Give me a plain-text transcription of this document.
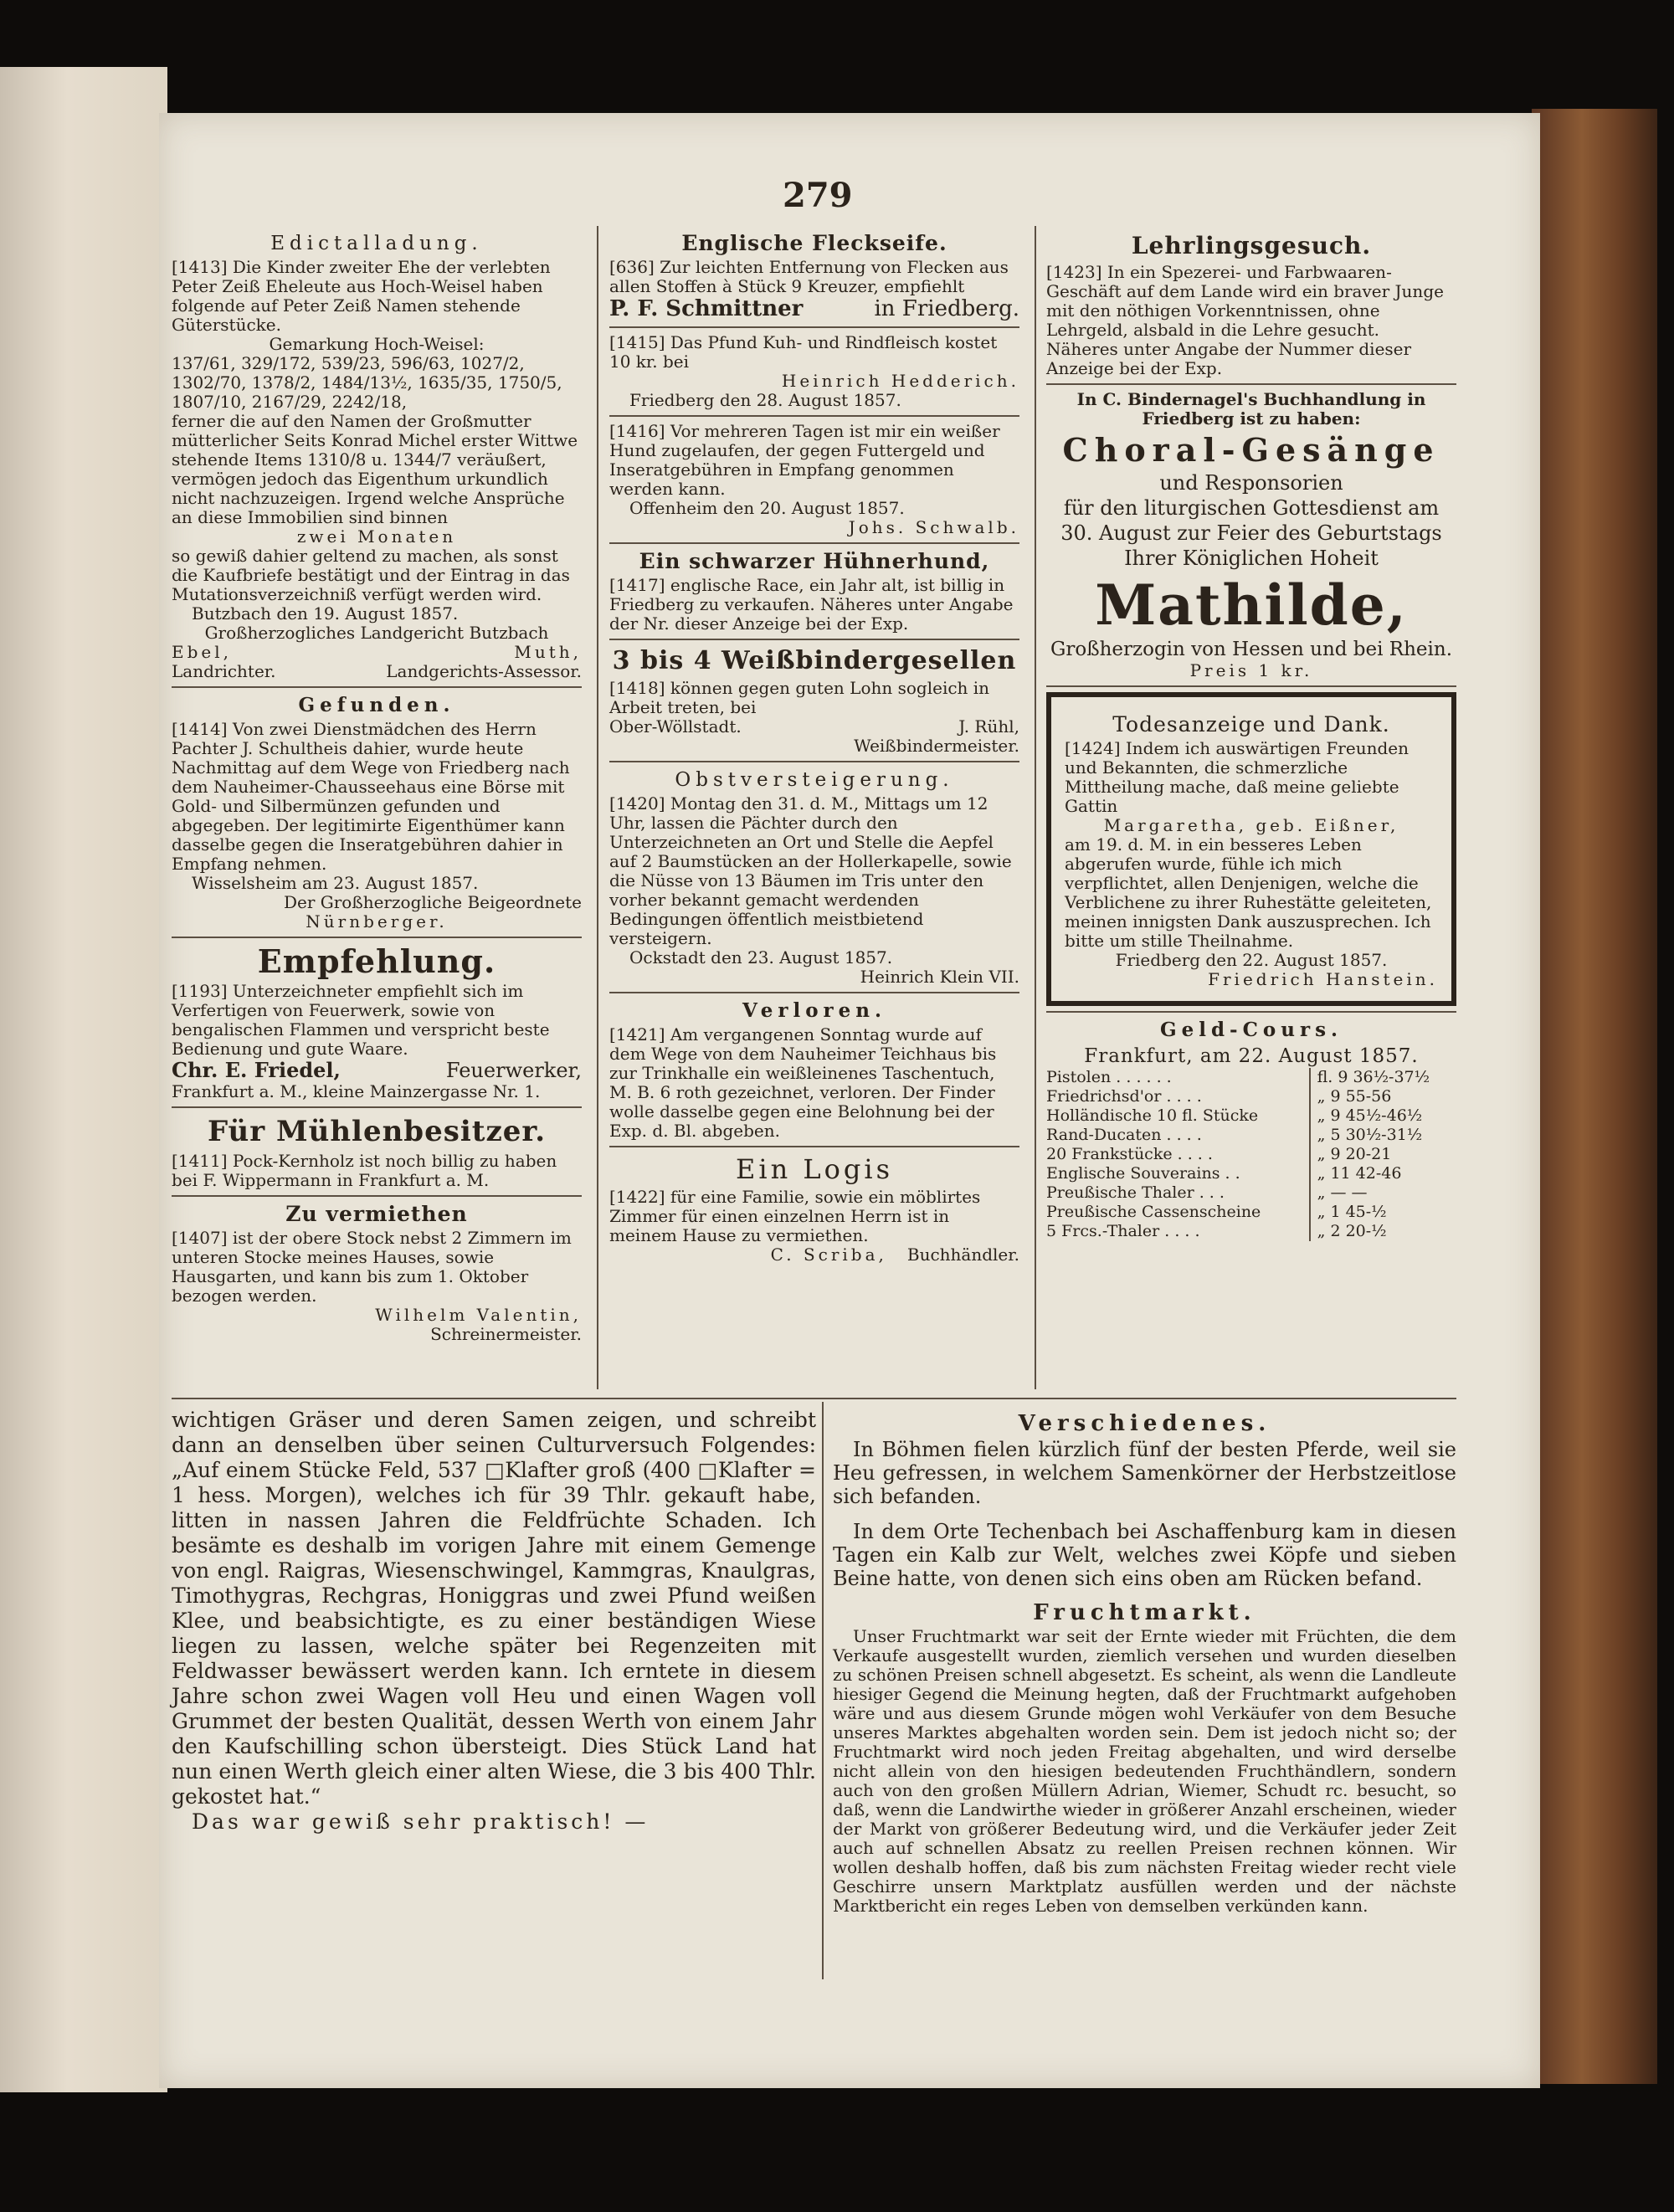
279
Edictalladung.

[1413] Die Kinder zweiter Ehe der verlebten Peter Zeiß Eheleute aus Hoch-Weisel haben folgende auf Peter Zeiß Namen stehende Güterstücke.

Gemarkung Hoch-Weisel:

137/61, 329/172, 539/23, 596/63, 1027/2, 1302/70, 1378/2, 1484/13½, 1635/35, 1750/5, 1807/10, 2167/29, 2242/18,

ferner die auf den Namen der Großmutter mütterlicher Seits Konrad Michel erster Wittwe stehende Items 1310/8 u. 1344/7 veräußert, vermögen jedoch das Eigenthum urkundlich nicht nachzuzeigen. Irgend welche Ansprüche an diese Immobilien sind binnen

zwei Monaten

so gewiß dahier geltend zu machen, als sonst die Kaufbriefe bestätigt und der Eintrag in das Mutationsverzeichniß verfügt werden wird.

Butzbach den 19. August 1857.

Großherzogliches Landgericht Butzbach

Ebel,	Muth,
Landrichter.	Landgerichts-Assessor.
Gefunden.

[1414] Von zwei Dienstmädchen des Herrn Pachter J. Schultheis dahier, wurde heute Nachmittag auf dem Wege von Friedberg nach dem Nauheimer-Chausseehaus eine Börse mit Gold- und Silbermünzen gefunden und abgegeben. Der legitimirte Eigenthümer kann dasselbe gegen die Inseratgebühren dahier in Empfang nehmen.

Wisselsheim am 23. August 1857.

Der Großherzogliche Beigeordnete

Nürnberger.

Empfehlung.

[1193] Unterzeichneter empfiehlt sich im Verfertigen von Feuerwerk, sowie von bengalischen Flammen und verspricht beste Bedienung und gute Waare.

Chr. E. Friedel,	Feuerwerker,

Frankfurt a. M., kleine Mainzergasse Nr. 1.

Für Mühlenbesitzer.

[1411] Pock-Kernholz ist noch billig zu haben bei F. Wippermann in Frankfurt a. M.

Zu vermiethen

[1407] ist der obere Stock nebst 2 Zimmern im unteren Stocke meines Hauses, sowie Hausgarten, und kann bis zum 1. Oktober bezogen werden.

Wilhelm Valentin,

Schreinermeister.

Englische Fleckseife.

[636] Zur leichten Entfernung von Flecken aus allen Stoffen à Stück 9 Kreuzer, empfiehlt

P. F. Schmittner	in Friedberg.

[1415] Das Pfund Kuh- und Rindfleisch kostet 10 kr. bei

Heinrich Hedderich.

Friedberg den 28. August 1857.

[1416] Vor mehreren Tagen ist mir ein weißer Hund zugelaufen, der gegen Futtergeld und Inseratgebühren in Empfang genommen werden kann.

Offenheim den 20. August 1857.

Johs. Schwalb.

Ein schwarzer Hühnerhund,

[1417] englische Race, ein Jahr alt, ist billig in Friedberg zu verkaufen. Näheres unter Angabe der Nr. dieser Anzeige bei der Exp.

3 bis 4 Weißbindergesellen

[1418] können gegen guten Lohn sogleich in Arbeit treten, bei

Ober-Wöllstadt.	J. Rühl,

Weißbindermeister.

Obstversteigerung.

[1420] Montag den 31. d. M., Mittags um 12 Uhr, lassen die Pächter durch den Unterzeichneten an Ort und Stelle die Aepfel auf 2 Baumstücken an der Hollerkapelle, sowie die Nüsse von 13 Bäumen im Tris unter den vorher bekannt gemacht werdenden Bedingungen öffentlich meistbietend versteigern.

Ockstadt den 23. August 1857.

Heinrich Klein VII.

Verloren.

[1421] Am vergangenen Sonntag wurde auf dem Wege von dem Nauheimer Teichhaus bis zur Trinkhalle ein weißleinenes Taschentuch, M. B. 6 roth gezeichnet, verloren. Der Finder wolle dasselbe gegen eine Belohnung bei der Exp. d. Bl. abgeben.

Ein Logis

[1422] für eine Familie, sowie ein möblirtes Zimmer für einen einzelnen Herrn ist in meinem Hause zu vermiethen.

C. Scriba, Buchhändler.
Lehrlingsgesuch.

[1423] In ein Spezerei- und Farbwaaren-Geschäft auf dem Lande wird ein braver Junge mit den nöthigen Vorkenntnissen, ohne Lehrgeld, alsbald in die Lehre gesucht. Näheres unter Angabe der Nummer dieser Anzeige bei der Exp.

In C. Bindernagel's Buchhandlung in Friedberg ist zu haben:

Choral-Gesänge

und Responsorien

für den liturgischen Gottesdienst am

30. August zur Feier des Geburtstags

Ihrer Königlichen Hoheit

Mathilde,

Großherzogin von Hessen und bei Rhein.

Preis 1 kr.

Todesanzeige und Dank.

[1424] Indem ich auswärtigen Freunden und Bekannten, die schmerzliche Mittheilung mache, daß meine geliebte Gattin

Margaretha, geb. Eißner,

am 19. d. M. in ein besseres Leben abgerufen wurde, fühle ich mich verpflichtet, allen Denjenigen, welche die Verblichene zu ihrer Ruhestätte geleiteten, meinen innigsten Dank auszusprechen. Ich bitte um stille Theilnahme.

Friedberg den 22. August 1857.

Friedrich Hanstein.

Geld-Cours.

Frankfurt, am 22. August 1857.

Pistolen . . . . . .	fl. 9 36½-37½
Friedrichsd'or . . . .	„ 9 55-56
Holländische 10 fl. Stücke	„ 9 45½-46½
Rand-Ducaten . . . .	„ 5 30½-31½
20 Frankstücke . . . .	„ 9 20-21
Englische Souverains . .	„ 11 42-46
Preußische Thaler . . .	„ — —
Preußische Cassenscheine	„ 1 45-½
5 Frcs.-Thaler . . . .	„ 2 20-½

wichtigen Gräser und deren Samen zeigen, und schreibt dann an denselben über seinen Culturversuch Folgendes: „Auf einem Stücke Feld, 537 □Klafter groß (400 □Klafter = 1 hess. Morgen), welches ich für 39 Thlr. gekauft habe, litten in nassen Jahren die Feldfrüchte Schaden. Ich besämte es deshalb im vorigen Jahre mit einem Gemenge von engl. Raigras, Wiesenschwingel, Kammgras, Knaulgras, Timothygras, Rechgras, Honiggras und zwei Pfund weißen Klee, und beabsichtigte, es zu einer beständigen Wiese liegen zu lassen, welche später bei Regenzeiten mit Feldwasser bewässert werden kann. Ich erntete in diesem Jahre schon zwei Wagen voll Heu und einen Wagen voll Grummet der besten Qualität, dessen Werth von einem Jahr den Kaufschilling schon übersteigt. Dies Stück Land hat nun einen Werth gleich einer alten Wiese, die 3 bis 400 Thlr. gekostet hat.“

Das war gewiß sehr praktisch! —

Verschiedenes.

In Böhmen fielen kürzlich fünf der besten Pferde, weil sie Heu gefressen, in welchem Samenkörner der Herbstzeitlose sich befanden.

In dem Orte Techenbach bei Aschaffenburg kam in diesen Tagen ein Kalb zur Welt, welches zwei Köpfe und sieben Beine hatte, von denen sich eins oben am Rücken befand.

Fruchtmarkt.

Unser Fruchtmarkt war seit der Ernte wieder mit Früchten, die dem Verkaufe ausgestellt wurden, ziemlich versehen und wurden dieselben zu schönen Preisen schnell abgesetzt. Es scheint, als wenn die Landleute hiesiger Gegend die Meinung hegten, daß der Fruchtmarkt aufgehoben wäre und aus diesem Grunde mögen wohl Verkäufer von dem Besuche unseres Marktes abgehalten worden sein. Dem ist jedoch nicht so; der Fruchtmarkt wird noch jeden Freitag abgehalten, und wird derselbe nicht allein von den hiesigen bedeutenden Fruchthändlern, sondern auch von den großen Müllern Adrian, Wiemer, Schudt rc. besucht, so daß, wenn die Landwirthe wieder in größerer Anzahl erscheinen, wieder der Markt von größerer Bedeutung wird, und die Verkäufer jeder Zeit auch auf schnellen Absatz zu reellen Preisen rechnen können. Wir wollen deshalb hoffen, daß bis zum nächsten Freitag wieder recht viele Geschirre unsern Marktplatz ausfüllen werden und der nächste Marktbericht ein reges Leben von demselben verkünden kann.
